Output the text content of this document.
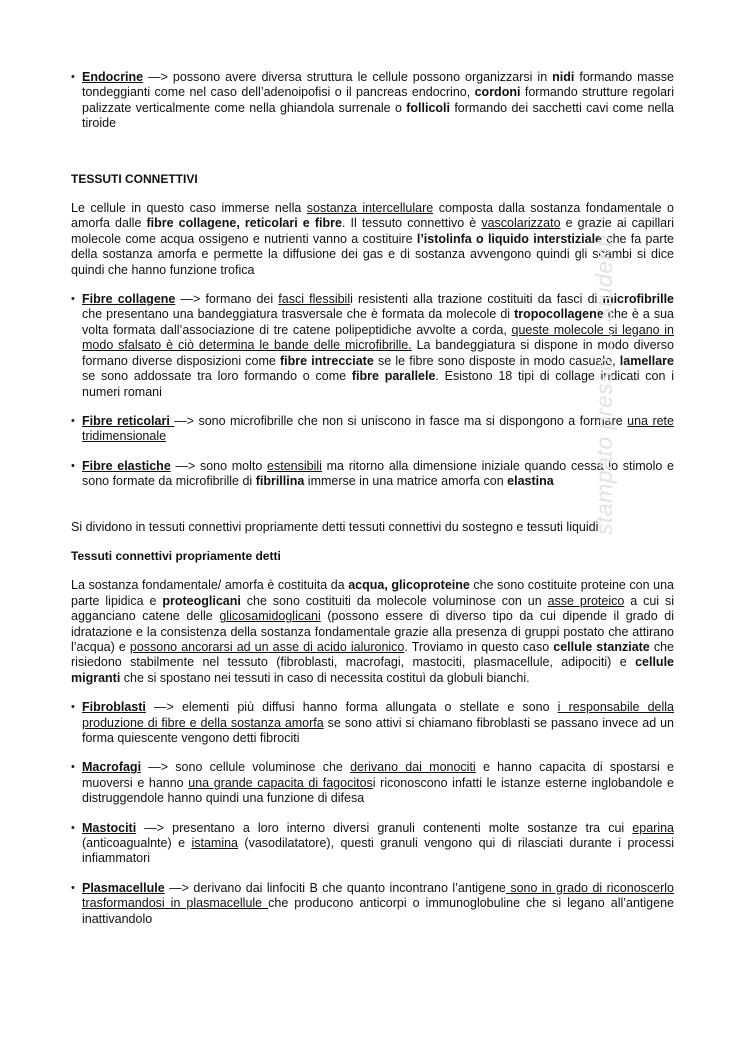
• Endocrine —> possono avere diversa struttura le cellule possono organizzarsi in nidi formando masse tondeggianti come nel caso dell’adenoipofisi o il pancreas endocrino, cordoni formando strutture regolari palizzate verticalmente come nella ghiandola surrenale o follicoli formando dei sacchetti cavi come nella tiroide
TESSUTI CONNETTIVI
Le cellule in questo caso immerse nella sostanza intercellulare composta dalla sostanza fondamentale o amorfa dalle fibre collagene, reticolari e fibre. Il tessuto connettivo è vascolarizzato e grazie ai capillari molecole come acqua ossigeno e nutrienti vanno a costituire l’istolinfa o liquido interstiziale che fa parte della sostanza amorfa e permette la diffusione dei gas e di sostanza avvengono quindi gli scambi si dice quindi che hanno funzione trofica
• Fibre collagene —> formano dei fasci flessibili resistenti alla trazione costituiti da fasci di microfibrille che presentano una bandeggiatura trasversale che è formata da molecole di tropocollagene che è a sua volta formata dall’associazione di tre catene polipeptidiche avvolte a corda, queste molecole si legano in modo sfalsato è ciò determina le bande delle microfibrille. La bandeggiatura si dispone in modo diverso formano diverse disposizioni come fibre intrecciate se le fibre sono disposte in modo casuale, lamellare se sono addossate tra loro formando o come fibre parallele. Esistono 18 tipi di collage indicati con i numeri romani
• Fibre reticolari —> sono microfibrille che non si uniscono in fasce ma si dispongono a formare una rete tridimensionale
• Fibre elastiche —> sono molto estensibili ma ritorno alla dimensione iniziale quando cessa lo stimolo e sono formate da microfibrille di fibrillina immerse in una matrice amorfa con elastina
Si dividono in tessuti connettivi propriamente detti tessuti connettivi du sostegno e tessuti liquidi
Tessuti connettivi propriamente detti
La sostanza fondamentale/ amorfa è costituita da acqua, glicoproteine che sono costituite proteine con una parte lipidica e proteoglicani che sono costituiti da molecole voluminose con un asse proteico a cui si agganciano catene delle glicosamidoglicani (possono essere di diverso tipo da cui dipende il grado di idratazione e la consistenza della sostanza fondamentale grazie alla presenza di gruppi postato che attirano l’acqua) e possono ancorarsi ad un asse di acido ialuronico. Troviamo in questo caso cellule stanziate che risiedono stabilmente nel tessuto (fibroblasti, macrofagi, mastociti, plasmacellule, adipociti) e cellule migranti che si spostano nei tessuti in caso di necessita costituì da globuli bianchi.
• Fibroblasti —> elementi più diffusi hanno forma allungata o stellate e sono i responsabile della produzione di fibre e della sostanza amorfa se sono attivi si chiamano fibroblasti se passano invece ad un forma quiescente vengono detti fibrociti
• Macrofagi —> sono cellule voluminose che derivano dai monociti e hanno capacita di spostarsi e muoversi e hanno una grande capacita di fagocitosi riconoscono infatti le istanze esterne inglobandole e distruggendole hanno quindi una funzione di difesa
• Mastociti —> presentano a loro interno diversi granuli contenenti molte sostanze tra cui eparina (anticoagualnte) e istamina (vasodilatatore), questi granuli vengono qui di rilasciati durante i processi infiammatori
• Plasmacellule —> derivano dai linfociti B che quanto incontrano l’antigene sono in grado di riconoscerlo trasformandosi in plasmacellule che producono anticorpi o immunoglobuline che si legano all’antigene inattivandolo
stampato presso ... Studenti
